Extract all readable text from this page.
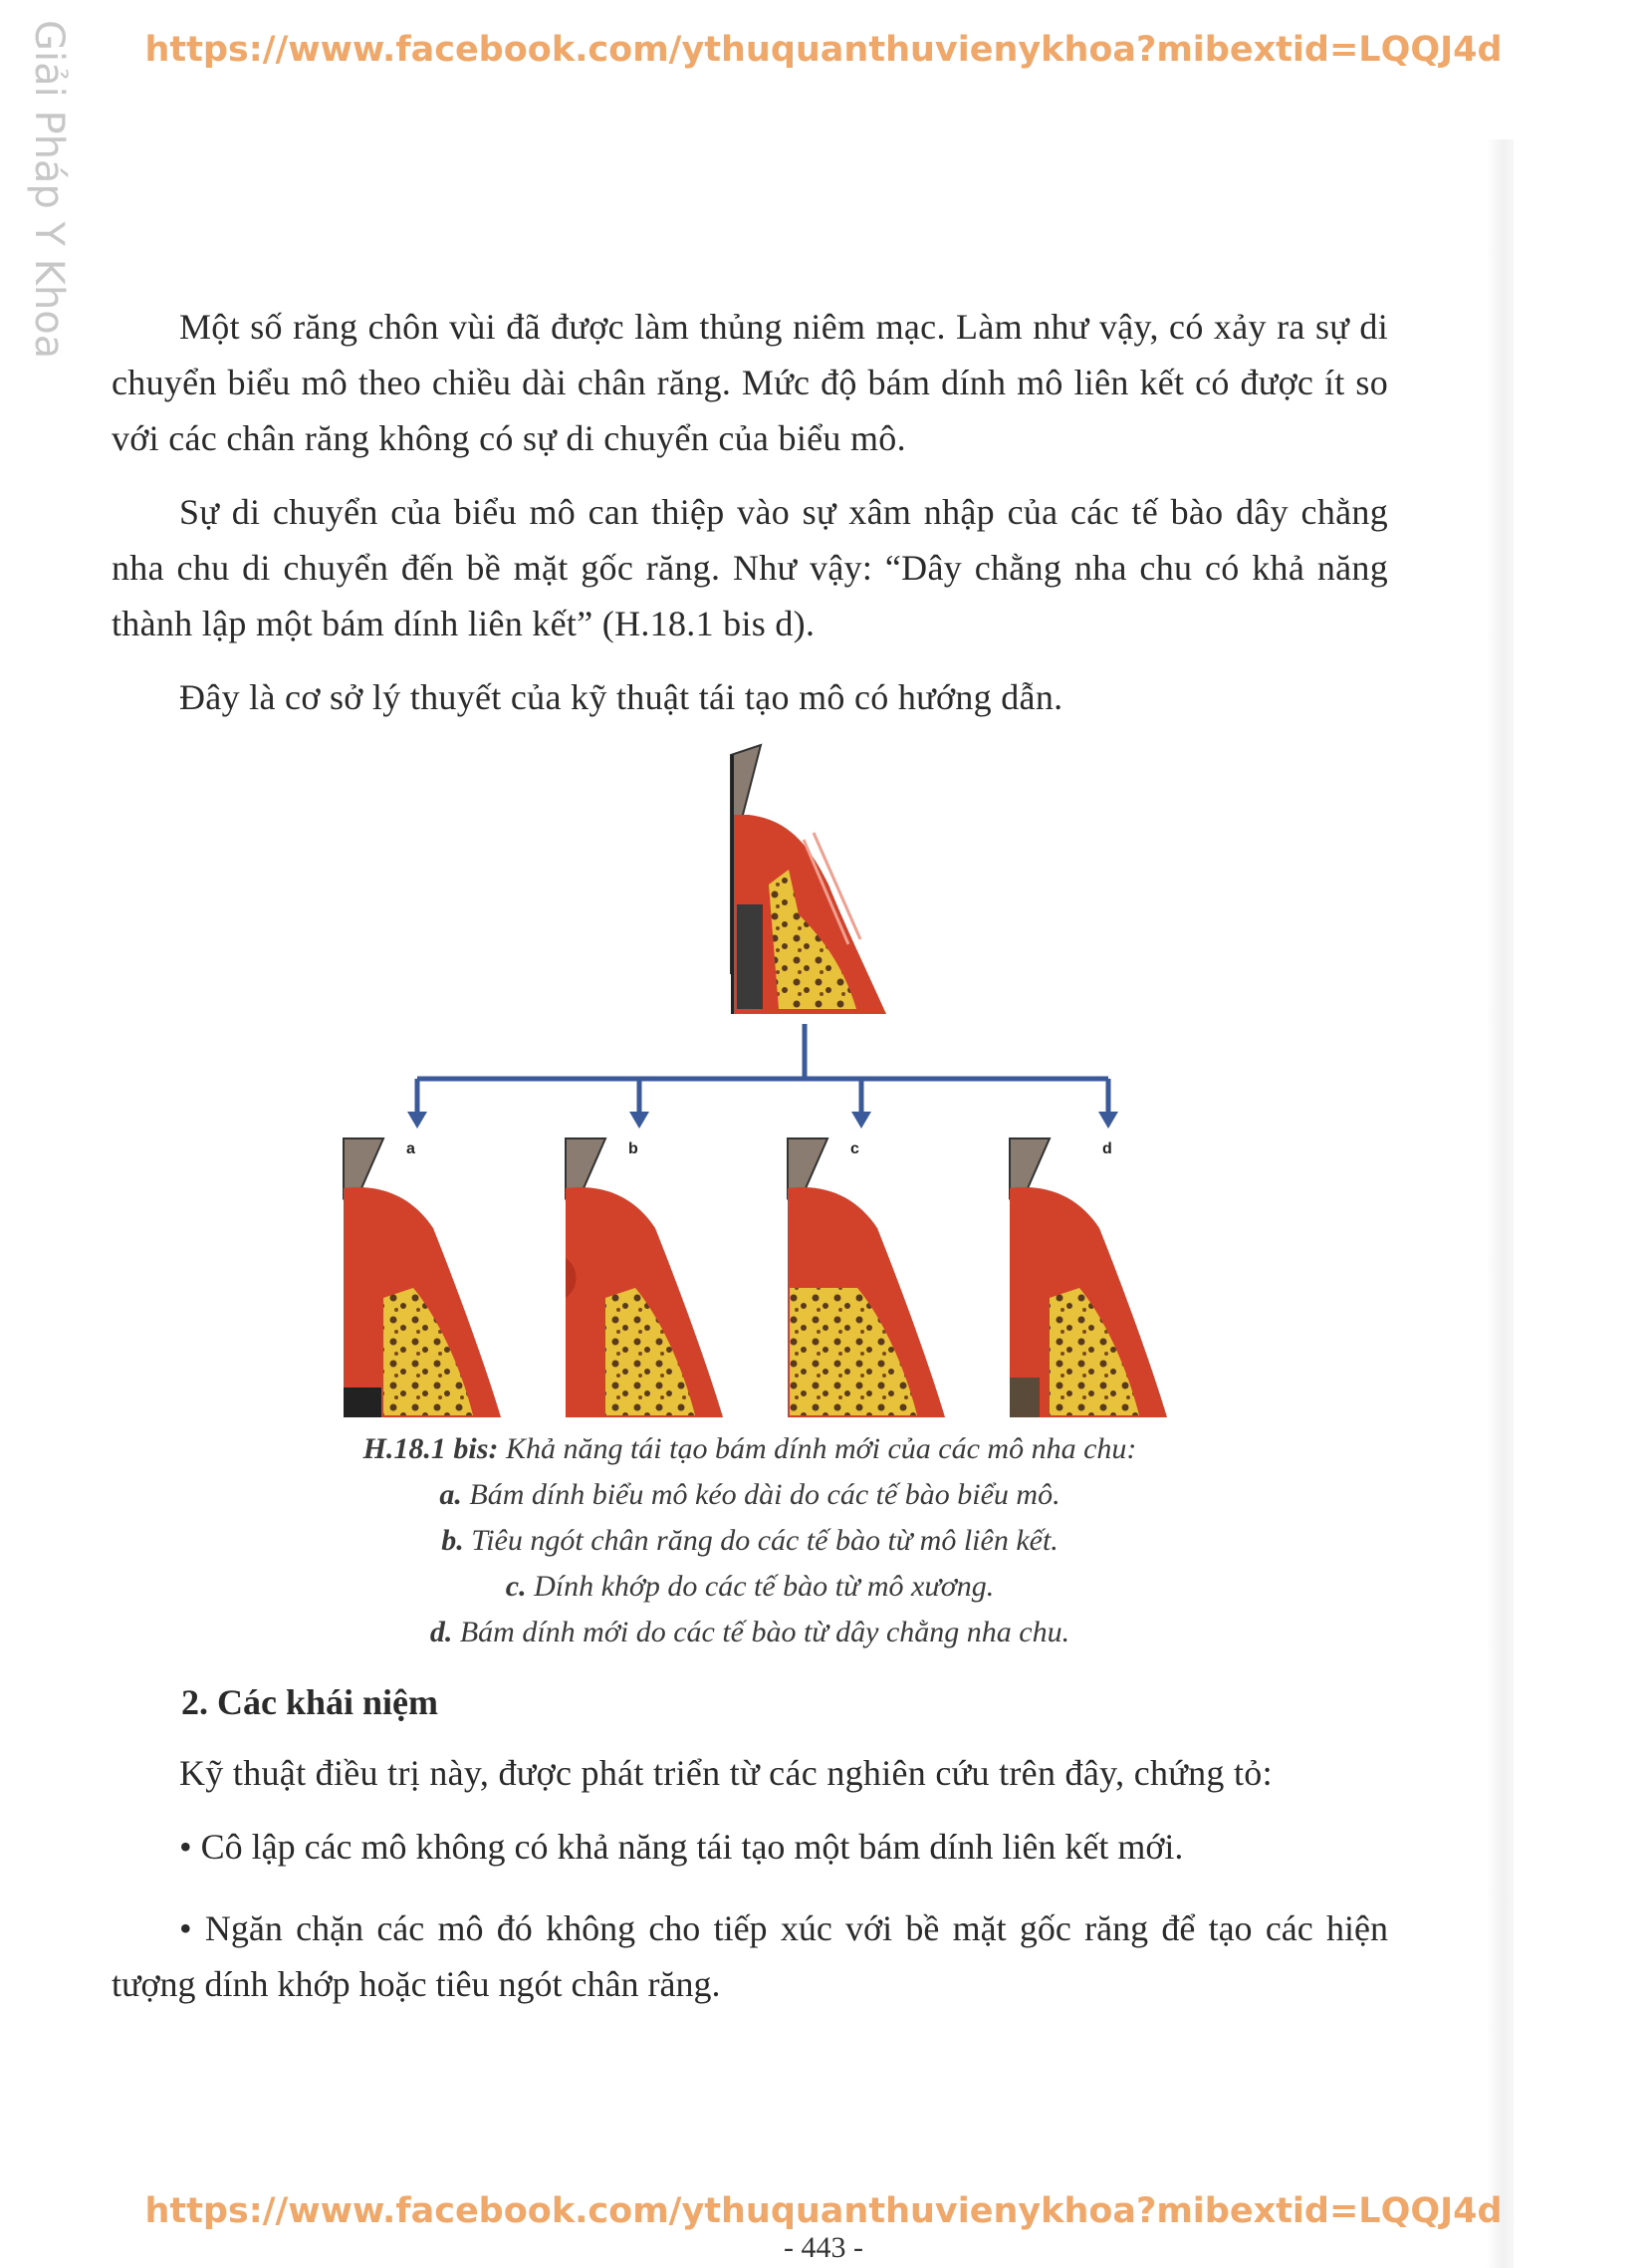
https://www.facebook.com/ythuquanthuvienykhoa?mibextid=LQQJ4d
Giải Pháp Y Khoa	Một số răng chôn vùi đã được làm thủng niêm mạc. Làm như vậy, có xảy ra sự di chuyển biểu mô theo chiều dài chân răng. Mức độ bám dính mô liên kết có được ít so với các chân răng không có sự di chuyển của biểu mô.

Sự di chuyển của biểu mô can thiệp vào sự xâm nhập của các tế bào dây chằng nha chu di chuyển đến bề mặt gốc răng. Như vậy: “Dây chằng nha chu có khả năng thành lập một bám dính liên kết” (H.18.1 bis d).

Đây là cơ sở lý thuyết của kỹ thuật tái tạo mô có hướng dẫn.

a	b	c	d
H.18.1 bis: Khả năng tái tạo bám dính mới của các mô nha chu:
a. Bám dính biểu mô kéo dài do các tế bào biểu mô.
b. Tiêu ngót chân răng do các tế bào từ mô liên kết.
c. Dính khớp do các tế bào từ mô xương.
d. Bám dính mới do các tế bào từ dây chằng nha chu.
2. Các khái niệm

Kỹ thuật điều trị này, được phát triển từ các nghiên cứu trên đây, chứng tỏ:

• Cô lập các mô không có khả năng tái tạo một bám dính liên kết mới.

• Ngăn chặn các mô đó không cho tiếp xúc với bề mặt gốc răng để tạo các hiện tượng dính khớp hoặc tiêu ngót chân răng.

https://www.facebook.com/ythuquanthuvienykhoa?mibextid=LQQJ4d
- 443 -
